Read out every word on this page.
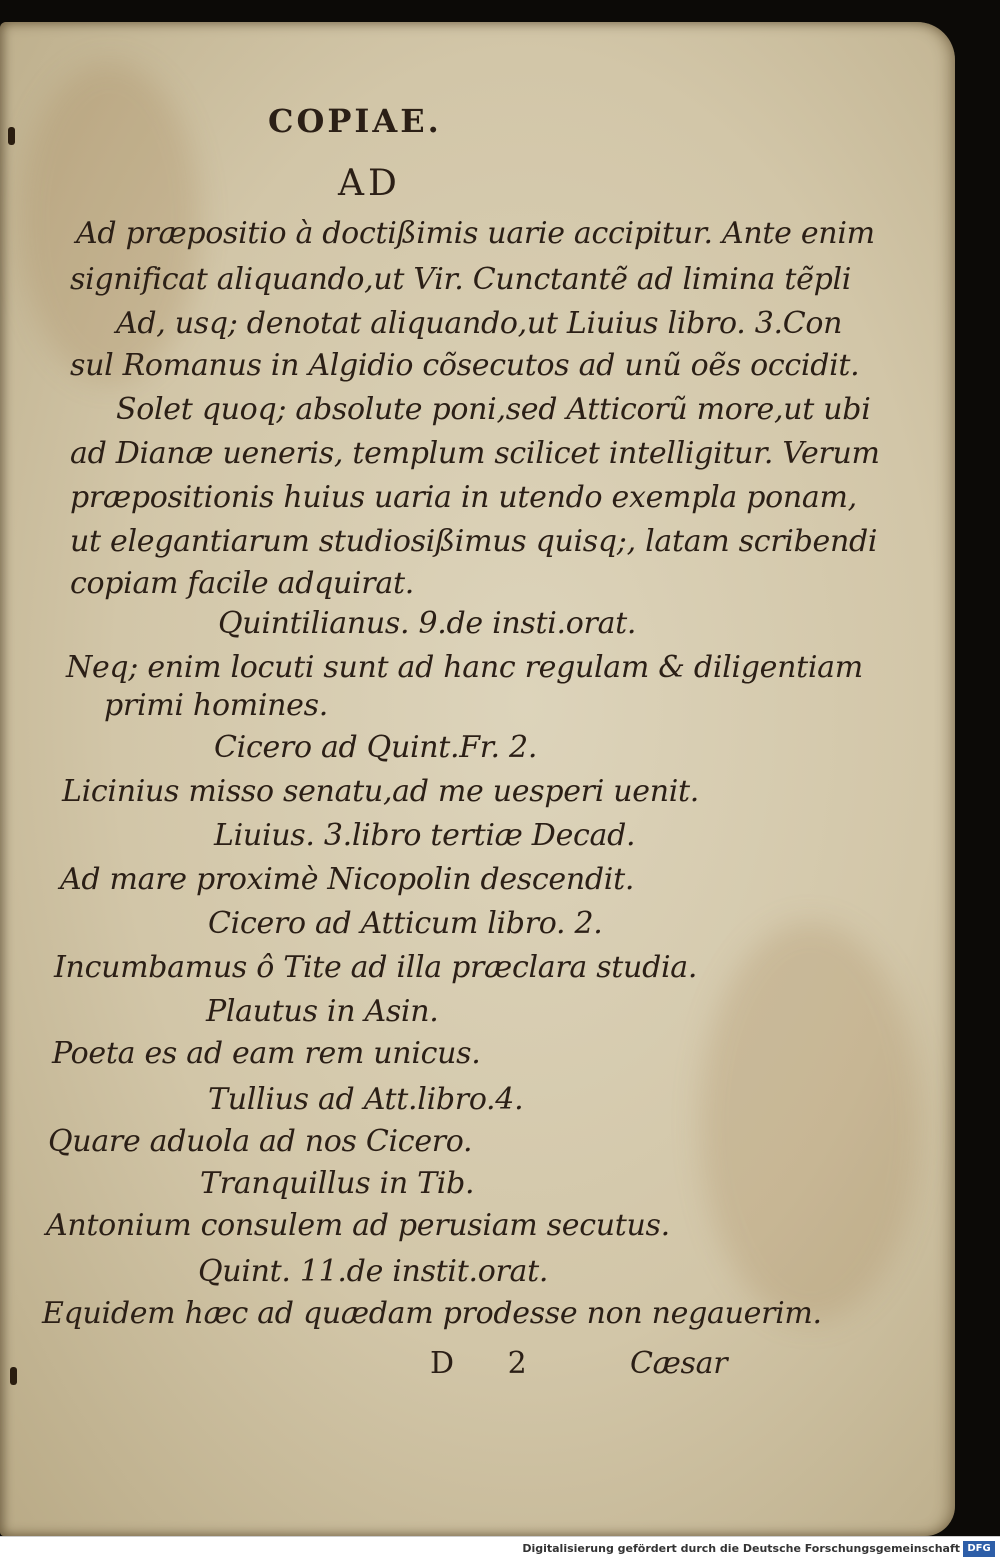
COPIAE.
AD
Ad præpositio à doctißimis uarie accipitur. Ante enim
significat aliquando,ut Vir. Cunctantẽ ad limina tẽpli
Ad, usq; denotat aliquando,ut Liuius libro. 3.Con
sul Romanus in Algidio cõsecutos ad unũ oẽs occidit.
Solet quoq; absolute poni,sed Atticorũ more,ut ubi
ad Dianæ ueneris, templum scilicet intelligitur. Verum
præpositionis huius uaria in utendo exempla ponam,
ut elegantiarum studiosißimus quisq;, latam scribendi
copiam facile adquirat.
Quintilianus. 9.de insti.orat.
Neq; enim locuti sunt ad hanc regulam & diligentiam
primi homines.
Cicero ad Quint.Fr. 2.
Licinius misso senatu,ad me uesperi uenit.
Liuius. 3.libro tertiæ Decad.
Ad mare proximè Nicopolin descendit.
Cicero ad Atticum libro. 2.
Incumbamus ô Tite ad illa præclara studia.
Plautus in Asin.
Poeta es ad eam rem unicus.
Tullius ad Att.libro.4.
Quare aduola ad nos Cicero.
Tranquillus in Tib.
Antonium consulem ad perusiam secutus.
Quint. 11.de instit.orat.
Equidem hæc ad quædam prodesse non negauerim.
D 2	Cæsar
Digitalisierung gefördert durch die Deutsche Forschungsgemeinschaft DFG
